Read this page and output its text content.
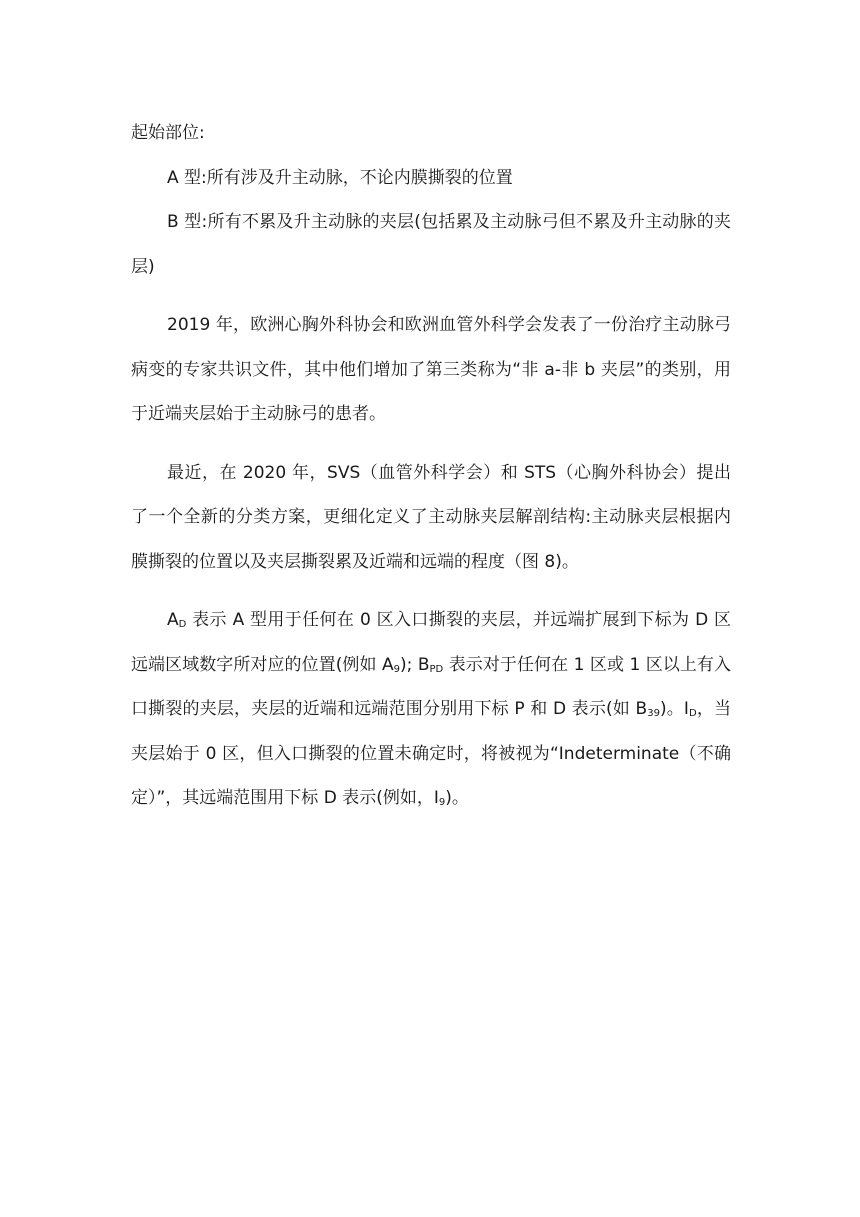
起始部位:

A 型:所有涉及升主动脉，不论内膜撕裂的位置

B 型:所有不累及升主动脉的夹层(包括累及主动脉弓但不累及升主动脉的夹层)

2019 年，欧洲心胸外科协会和欧洲血管外科学会发表了一份治疗主动脉弓病变的专家共识文件，其中他们增加了第三类称为“非 a-非 b 夹层”的类别，用于近端夹层始于主动脉弓的患者。

最近，在 2020 年，SVS（血管外科学会）和 STS（心胸外科协会）提出了一个全新的分类方案，更细化定义了主动脉夹层解剖结构:主动脉夹层根据内膜撕裂的位置以及夹层撕裂累及近端和远端的程度（图 8)。

$A_D$ 表示 A 型用于任何在 0 区入口撕裂的夹层，并远端扩展到下标为 D 区远端区域数字所对应的位置(例如 $A_9$); $B_{PD}$ 表示对于任何在 1 区或 1 区以上有入口撕裂的夹层，夹层的近端和远端范围分别用下标 P 和 D 表示(如 $B_{39}$)。$I_D$，当夹层始于 0 区，但入口撕裂的位置未确定时，将被视为“Indeterminate（不确定）”，其远端范围用下标 D 表示(例如，$I_9$)。
